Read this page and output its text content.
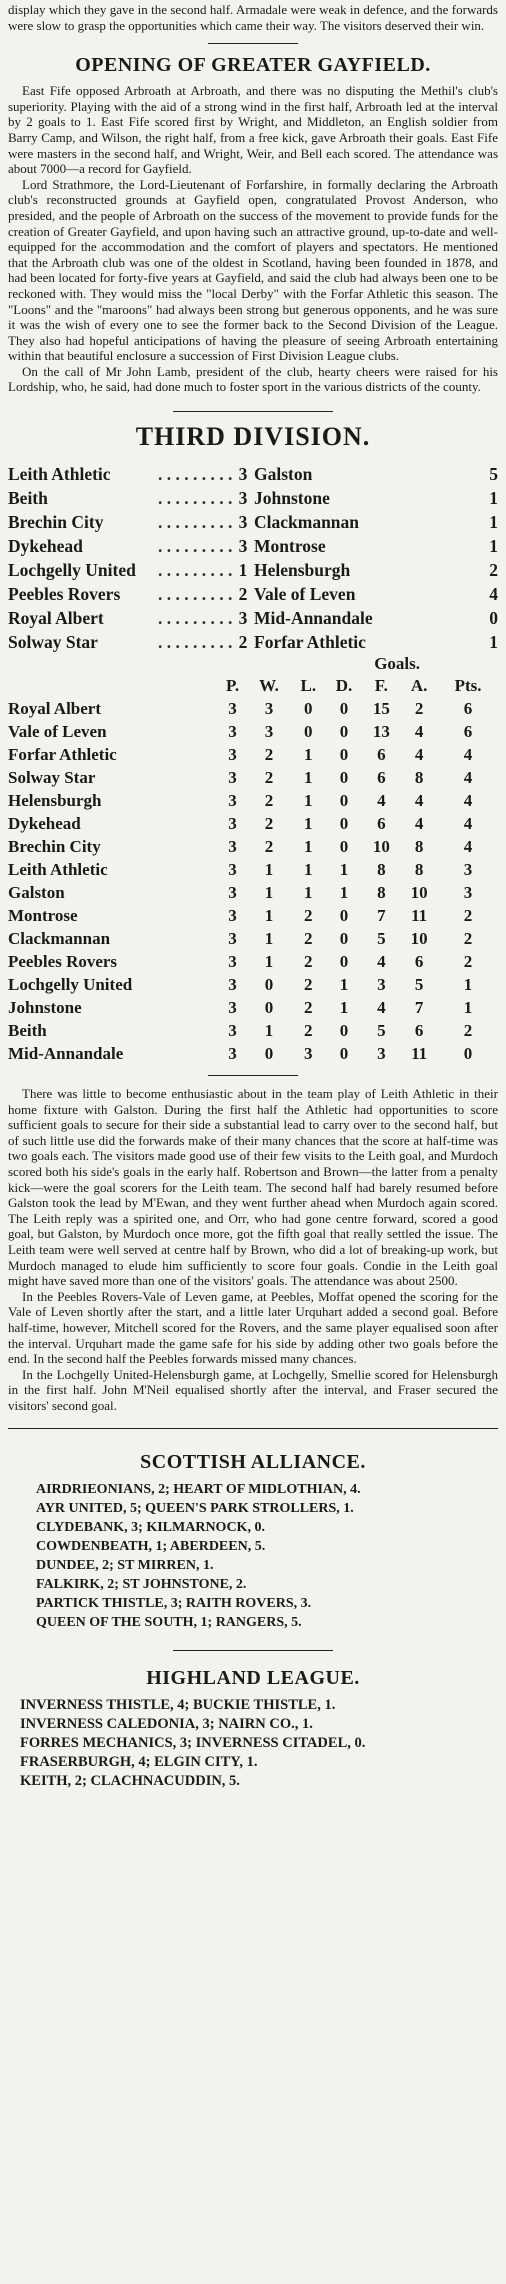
display which they gave in the second half. Armadale were weak in defence, and the forwards were slow to grasp the opportunities which came their way. The visitors deserved their win.

OPENING OF GREATER GAYFIELD.

East Fife opposed Arbroath at Arbroath, and there was no disputing the Methil's club's superiority. Playing with the aid of a strong wind in the first half, Arbroath led at the interval by 2 goals to 1. East Fife scored first by Wright, and Middleton, an English soldier from Barry Camp, and Wilson, the right half, from a free kick, gave Arbroath their goals. East Fife were masters in the second half, and Wright, Weir, and Bell each scored. The attendance was about 7000—a record for Gayfield.

Lord Strathmore, the Lord-Lieutenant of Forfarshire, in formally declaring the Arbroath club's reconstructed grounds at Gayfield open, congratulated Provost Anderson, who presided, and the people of Arbroath on the success of the movement to provide funds for the creation of Greater Gayfield, and upon having such an attractive ground, up-to-date and well-equipped for the accommodation and the comfort of players and spectators. He mentioned that the Arbroath club was one of the oldest in Scotland, having been founded in 1878, and had been located for forty-five years at Gayfield, and said the club had always been one to be reckoned with. They would miss the "local Derby" with the Forfar Athletic this season. The "Loons" and the "maroons" had always been strong but generous opponents, and he was sure it was the wish of every one to see the former back to the Second Division of the League. They also had hopeful anticipations of having the pleasure of seeing Arbroath entertaining within that beautiful enclosure a succession of First Division League clubs.

On the call of Mr John Lamb, president of the club, hearty cheers were raised for his Lordship, who, he said, had done much to foster sport in the various districts of the county.

THIRD DIVISION.
Leith Athletic	. . . . . . . . . 3 Galston	5
Beith	. . . . . . . . . 3 Johnstone	1
Brechin City	. . . . . . . . . 3 Clackmannan	1
Dykehead	. . . . . . . . . 3 Montrose	1
Lochgelly United	. . . . . . . . . 1 Helensburgh	2
Peebles Rovers	. . . . . . . . . 2 Vale of Leven	4
Royal Albert	. . . . . . . . . 3 Mid-Annandale	0
Solway Star	. . . . . . . . . 2 Forfar Athletic	1
Goals.
	P.	W.	L.	D.	F.	A.	Pts.
Royal Albert	3	3	0	0	15	2	6
Vale of Leven	3	3	0	0	13	4	6
Forfar Athletic	3	2	1	0	6	4	4
Solway Star	3	2	1	0	6	8	4
Helensburgh	3	2	1	0	4	4	4
Dykehead	3	2	1	0	6	4	4
Brechin City	3	2	1	0	10	8	4
Leith Athletic	3	1	1	1	8	8	3
Galston	3	1	1	1	8	10	3
Montrose	3	1	2	0	7	11	2
Clackmannan	3	1	2	0	5	10	2
Peebles Rovers	3	1	2	0	4	6	2
Lochgelly United	3	0	2	1	3	5	1
Johnstone	3	0	2	1	4	7	1
Beith	3	1	2	0	5	6	2
Mid-Annandale	3	0	3	0	3	11	0

There was little to become enthusiastic about in the team play of Leith Athletic in their home fixture with Galston. During the first half the Athletic had opportunities to score sufficient goals to secure for their side a substantial lead to carry over to the second half, but of such little use did the forwards make of their many chances that the score at half-time was two goals each. The visitors made good use of their few visits to the Leith goal, and Murdoch scored both his side's goals in the early half. Robertson and Brown—the latter from a penalty kick—were the goal scorers for the Leith team. The second half had barely resumed before Galston took the lead by M'Ewan, and they went further ahead when Murdoch again scored. The Leith reply was a spirited one, and Orr, who had gone centre forward, scored a good goal, but Galston, by Murdoch once more, got the fifth goal that really settled the issue. The Leith team were well served at centre half by Brown, who did a lot of breaking-up work, but Murdoch managed to elude him sufficiently to score four goals. Condie in the Leith goal might have saved more than one of the visitors' goals. The attendance was about 2500.

In the Peebles Rovers-Vale of Leven game, at Peebles, Moffat opened the scoring for the Vale of Leven shortly after the start, and a little later Urquhart added a second goal. Before half-time, however, Mitchell scored for the Rovers, and the same player equalised soon after the interval. Urquhart made the game safe for his side by adding other two goals before the end. In the second half the Peebles forwards missed many chances.

In the Lochgelly United-Helensburgh game, at Lochgelly, Smellie scored for Helensburgh in the first half. John M'Neil equalised shortly after the interval, and Fraser secured the visitors' second goal.

SCOTTISH ALLIANCE.

AIRDRIEONIANS, 2; HEART OF MIDLOTHIAN, 4.

AYR UNITED, 5; QUEEN'S PARK STROLLERS, 1.

CLYDEBANK, 3; KILMARNOCK, 0.

COWDENBEATH, 1; ABERDEEN, 5.

DUNDEE, 2; ST MIRREN, 1.

FALKIRK, 2; ST JOHNSTONE, 2.

PARTICK THISTLE, 3; RAITH ROVERS, 3.

QUEEN OF THE SOUTH, 1; RANGERS, 5.

HIGHLAND LEAGUE.

INVERNESS THISTLE, 4; BUCKIE THISTLE, 1.

INVERNESS CALEDONIA, 3; NAIRN CO., 1.

FORRES MECHANICS, 3; INVERNESS CITADEL, 0.

FRASERBURGH, 4; ELGIN CITY, 1.

KEITH, 2; CLACHNACUDDIN, 5.
